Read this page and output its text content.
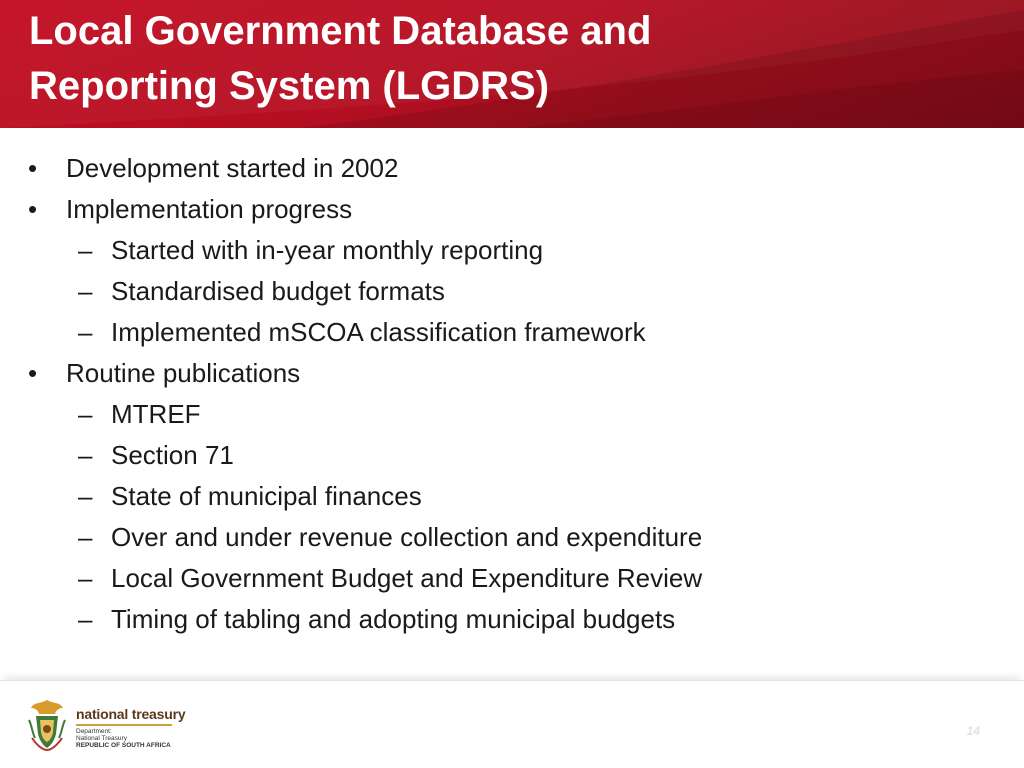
Local Government Database and
Reporting System (LGDRS)
•	Development started in 2002
•	Implementation progress
– Started with in-year monthly reporting
– Standardised budget formats
– Implemented mSCOA classification framework
•	Routine publications
– MTREF
– Section 71
– State of municipal finances
– Over and under revenue collection and expenditure
– Local Government Budget and Expenditure Review
– Timing of tabling and adopting municipal budgets
national treasury
Department:
National Treasury
REPUBLIC OF SOUTH AFRICA
14
